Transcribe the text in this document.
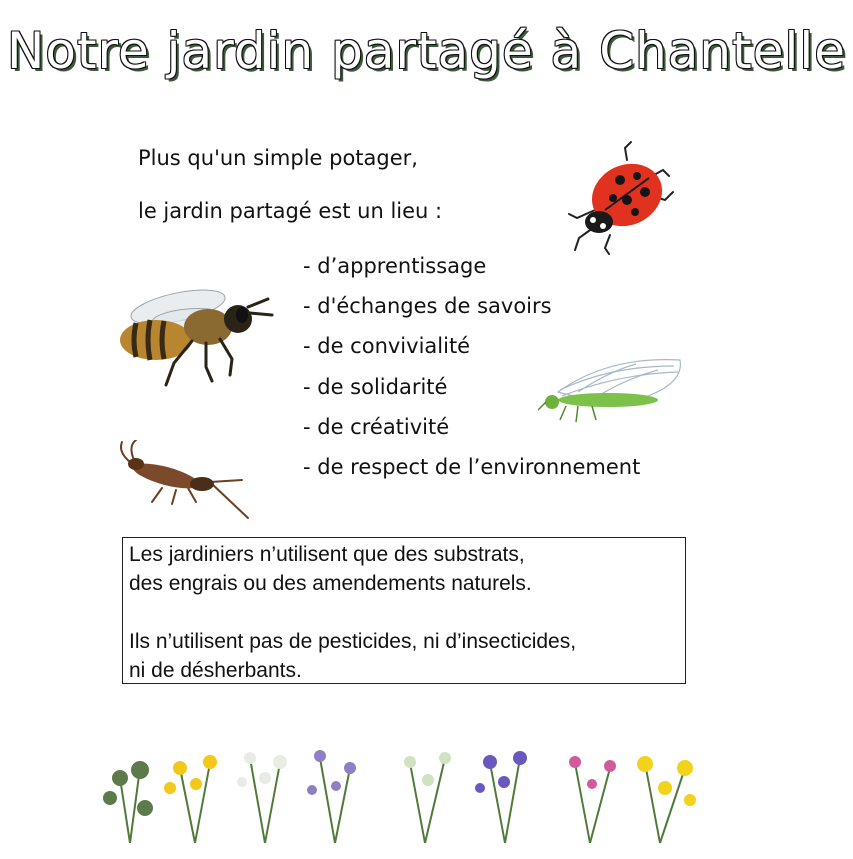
Notre jardin partagé à Chantelle
Plus qu'un simple potager,
le jardin partagé est un lieu :
- d’apprentissage
- d'échanges de savoirs
- de convivialité
- de solidarité
- de créativité
- de respect de l’environnement

Les jardiniers n’utilisent que des substrats,
des engrais ou des amendements naturels.

Ils n’utilisent pas de pesticides, ni d’insecticides,
ni de désherbants.
